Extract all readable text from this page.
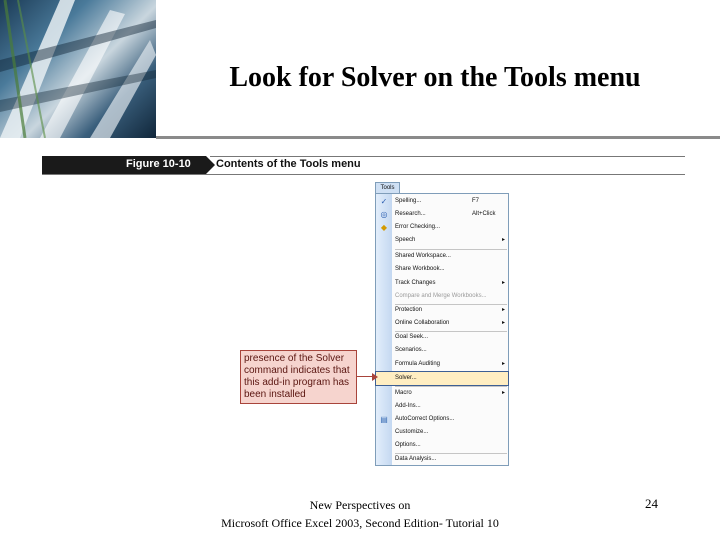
Look for Solver on the Tools menu
Figure 10-10 Contents of the Tools menu
Tools
✓ Spelling...	F7
◎ Research...	Alt+Click
◆	Error Checking...
Speech	▸
Shared Workspace...
Share Workbook...
Track Changes	▸
Compare and Merge Workbooks...
Protection	▸
Online Collaboration	▸
Goal Seek...
Scenarios...
Formula Auditing	▸
Solver...
Macro	▸
Add-Ins...
▤ AutoCorrect Options...
Customize...
Options...
Data Analysis...
presence of the Solver command indicates that this add-in program has been installed
New Perspectives on
Microsoft Office Excel 2003, Second Edition- Tutorial 10
24
